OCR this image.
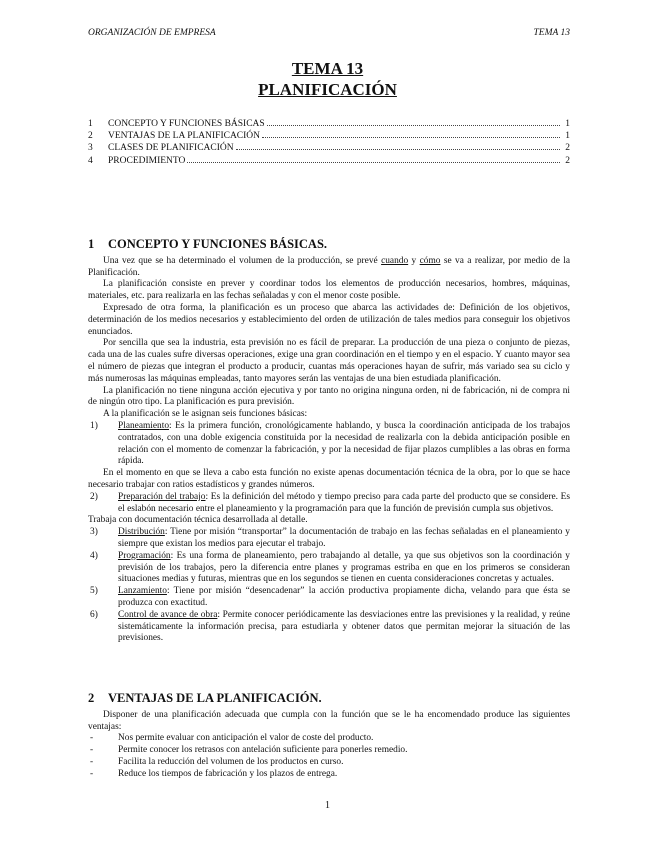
ORGANIZACIÓN DE EMPRESA	TEMA 13
TEMA 13
PLANIFICACIÓN
1	CONCEPTO Y FUNCIONES BÁSICAS	1
2	VENTAJAS DE LA PLANIFICACIÓN	1
3	CLASES DE PLANIFICACIÓN	2
4	PROCEDIMIENTO	2
1 CONCEPTO Y FUNCIONES BÁSICAS.

Una vez que se ha determinado el volumen de la producción, se prevé cuando y cómo se va a realizar, por medio de la Planificación.

La planificación consiste en prever y coordinar todos los elementos de producción necesarios, hombres, máquinas, materiales, etc. para realizarla en las fechas señaladas y con el menor coste posible.

Expresado de otra forma, la planificación es un proceso que abarca las actividades de: Definición de los objetivos, determinación de los medios necesarios y establecimiento del orden de utilización de tales medios para conseguir los objetivos enunciados.

Por sencilla que sea la industria, esta previsión no es fácil de preparar. La producción de una pieza o conjunto de piezas, cada una de las cuales sufre diversas operaciones, exige una gran coordinación en el tiempo y en el espacio. Y cuanto mayor sea el número de piezas que integran el producto a producir, cuantas más operaciones hayan de sufrir, más variado sea su ciclo y más numerosas las máquinas empleadas, tanto mayores serán las ventajas de una bien estudiada planificación.

La planificación no tiene ninguna acción ejecutiva y por tanto no origina ninguna orden, ni de fabricación, ni de compra ni de ningún otro tipo. La planificación es pura previsión.

A la planificación se le asignan seis funciones básicas:

1)	Planeamiento: Es la primera función, cronológicamente hablando, y busca la coordinación anticipada de los trabajos contratados, con una doble exigencia constituida por la necesidad de realizarla con la debida anticipación posible en relación con el momento de comenzar la fabricación, y por la necesidad de fijar plazos cumplibles a las obras en forma rápida.

En el momento en que se lleva a cabo esta función no existe apenas documentación técnica de la obra, por lo que se hace necesario trabajar con ratios estadísticos y grandes números.

2)	Preparación del trabajo: Es la definición del método y tiempo preciso para cada parte del producto que se considere. Es el eslabón necesario entre el planeamiento y la programación para que la función de previsión cumpla sus objetivos.

Trabaja con documentación técnica desarrollada al detalle.

3)	Distribución: Tiene por misión “transportar” la documentación de trabajo en las fechas señaladas en el planeamiento y siempre que existan los medios para ejecutar el trabajo.
4)	Programación: Es una forma de planeamiento, pero trabajando al detalle, ya que sus objetivos son la coordinación y previsión de los trabajos, pero la diferencia entre planes y programas estriba en que en los primeros se consideran situaciones medias y futuras, mientras que en los segundos se tienen en cuenta consideraciones concretas y actuales.
5)	Lanzamiento: Tiene por misión “desencadenar” la acción productiva propiamente dicha, velando para que ésta se produzca con exactitud.
6)	Control de avance de obra: Permite conocer periódicamente las desviaciones entre las previsiones y la realidad, y reúne sistemáticamente la información precisa, para estudiarla y obtener datos que permitan mejorar la situación de las previsiones.
2 VENTAJAS DE LA PLANIFICACIÓN.

Disponer de una planificación adecuada que cumpla con la función que se le ha encomendado produce las siguientes ventajas:

-	Nos permite evaluar con anticipación el valor de coste del producto.
-	Permite conocer los retrasos con antelación suficiente para ponerles remedio.
-	Facilita la reducción del volumen de los productos en curso.
-	Reduce los tiempos de fabricación y los plazos de entrega.
1
